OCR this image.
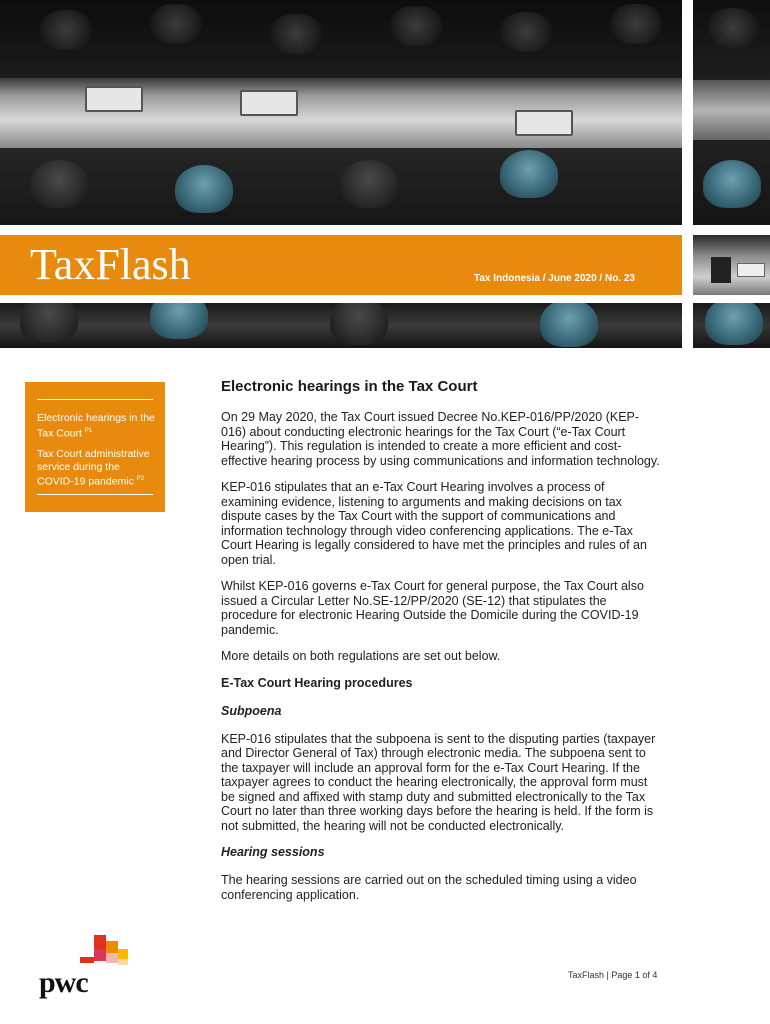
TaxFlash	Tax Indonesia / June 2020 / No. 23
Electronic hearings in the Tax Court $^{P1}$
Tax Court administrative service during the COVID-19 pandemic $^{P2}$
Electronic hearings in the Tax Court

On 29 May 2020, the Tax Court issued Decree No.KEP-016/PP/2020 (KEP-016) about conducting electronic hearings for the Tax Court (“e-Tax Court Hearing”). This regulation is intended to create a more efficient and cost-effective hearing process by using communications and information technology.

KEP-016 stipulates that an e-Tax Court Hearing involves a process of examining evidence, listening to arguments and making decisions on tax dispute cases by the Tax Court with the support of communications and information technology through video conferencing applications. The e-Tax Court Hearing is legally considered to have met the principles and rules of an open trial.

Whilst KEP-016 governs e-Tax Court for general purpose, the Tax Court also issued a Circular Letter No.SE-12/PP/2020 (SE-12) that stipulates the procedure for electronic Hearing Outside the Domicile during the COVID-19 pandemic.

More details on both regulations are set out below.

E-Tax Court Hearing procedures
Subpoena

KEP-016 stipulates that the subpoena is sent to the disputing parties (taxpayer and Director General of Tax) through electronic media. The subpoena sent to the taxpayer will include an approval form for the e-Tax Court Hearing. If the taxpayer agrees to conduct the hearing electronically, the approval form must be signed and affixed with stamp duty and submitted electronically to the Tax Court no later than three working days before the hearing is held. If the form is not submitted, the hearing will not be conducted electronically.

Hearing sessions

The hearing sessions are carried out on the scheduled timing using a video conferencing application.

pwc	TaxFlash | Page 1 of 4
